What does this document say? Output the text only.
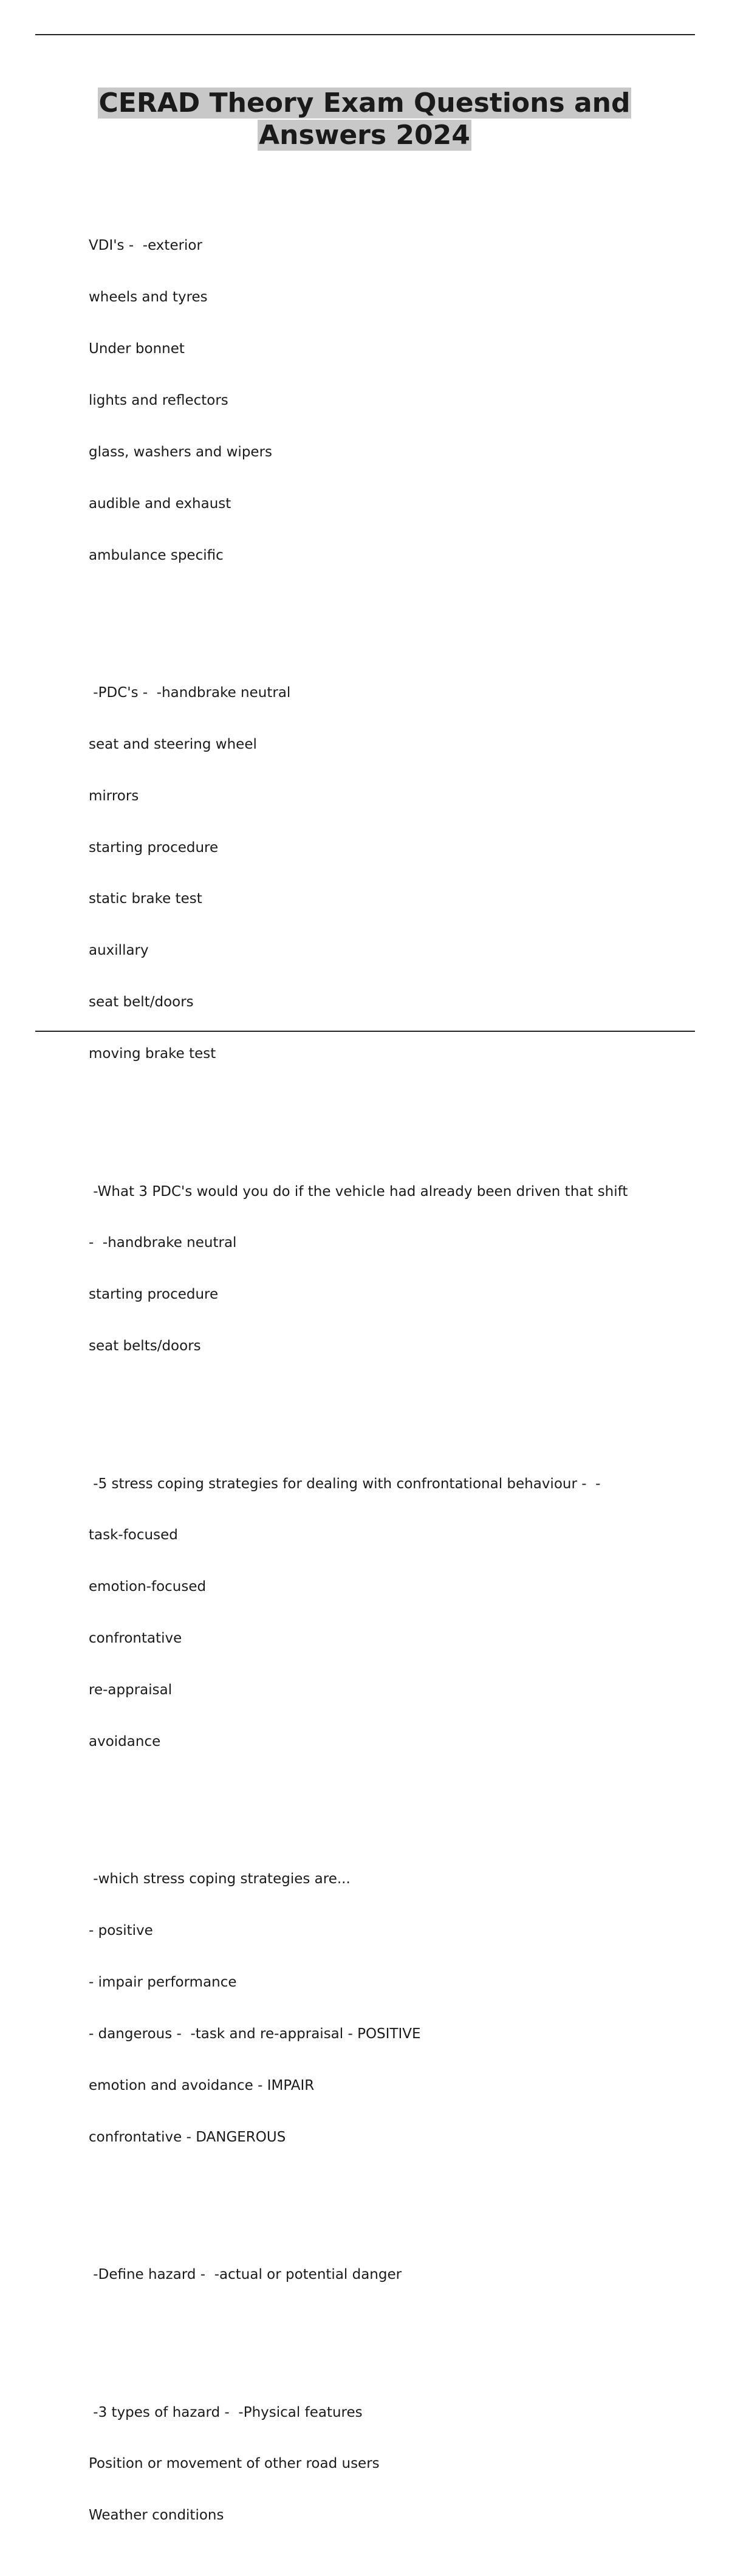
CERAD Theory Exam Questions and
Answers 2024

VDI's -  -exterior

wheels and tyres

Under bonnet

lights and reflectors

glass, washers and wipers

audible and exhaust

ambulance specific

-PDC's -  -handbrake neutral

seat and steering wheel

mirrors

starting procedure

static brake test

auxillary

seat belt/doors

moving brake test

-What 3 PDC's would you do if the vehicle had already been driven that shift

-  -handbrake neutral

starting procedure

seat belts/doors

-5 stress coping strategies for dealing with confrontational behaviour -  -

task-focused

emotion-focused

confrontative

re-appraisal

avoidance

-which stress coping strategies are...

- positive

- impair performance

- dangerous -  -task and re-appraisal - POSITIVE

emotion and avoidance - IMPAIR

confrontative - DANGEROUS

-Define hazard -  -actual or potential danger

-3 types of hazard -  -Physical features

Position or movement of other road users

Weather conditions
